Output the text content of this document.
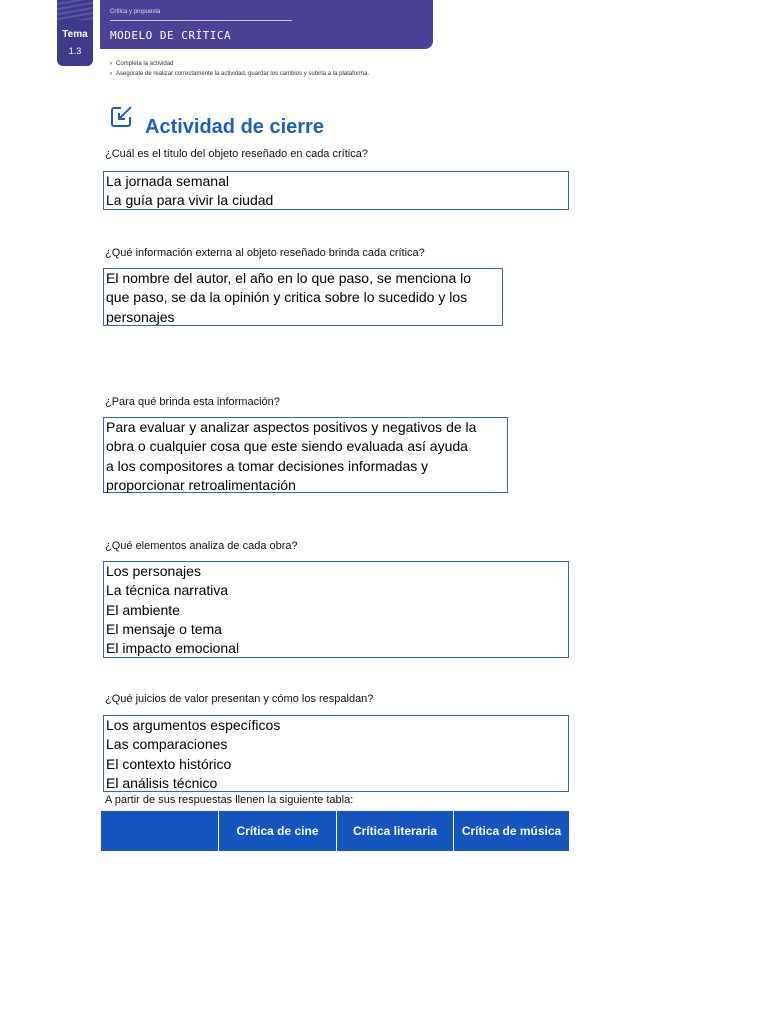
Tema
1.3
Crítica y propuesta
MODELO DE CRÍTICA
› Completa la actividad
› Asegúrate de realizar correctamente la actividad, guardar los cambios y subirla a la plataforma.
Actividad de cierre
¿Cuál es el título del objeto reseñado en cada crítica?
La jornada semanal
La guía para vivir la ciudad
¿Qué información externa al objeto reseñado brinda cada crítica?
El nombre del autor, el año en lo que paso, se menciona lo
que paso, se da la opinión y critica sobre lo sucedido y los
personajes
¿Para qué brinda esta información?
Para evaluar y analizar aspectos positivos y negativos de la
obra o cualquier cosa que este siendo evaluada así ayuda
a los compositores a tomar decisiones informadas y
proporcionar retroalimentación
¿Qué elementos analiza de cada obra?
Los personajes
La técnica narrativa
El ambiente
El mensaje o tema
El impacto emocional
¿Qué juicios de valor presentan y cómo los respaldan?
Los argumentos específicos
Las comparaciones
El contexto histórico
El análisis técnico
A partir de sus respuestas llenen la siguiente tabla:
Crítica de cine	Crítica literaria	Crítica de música
